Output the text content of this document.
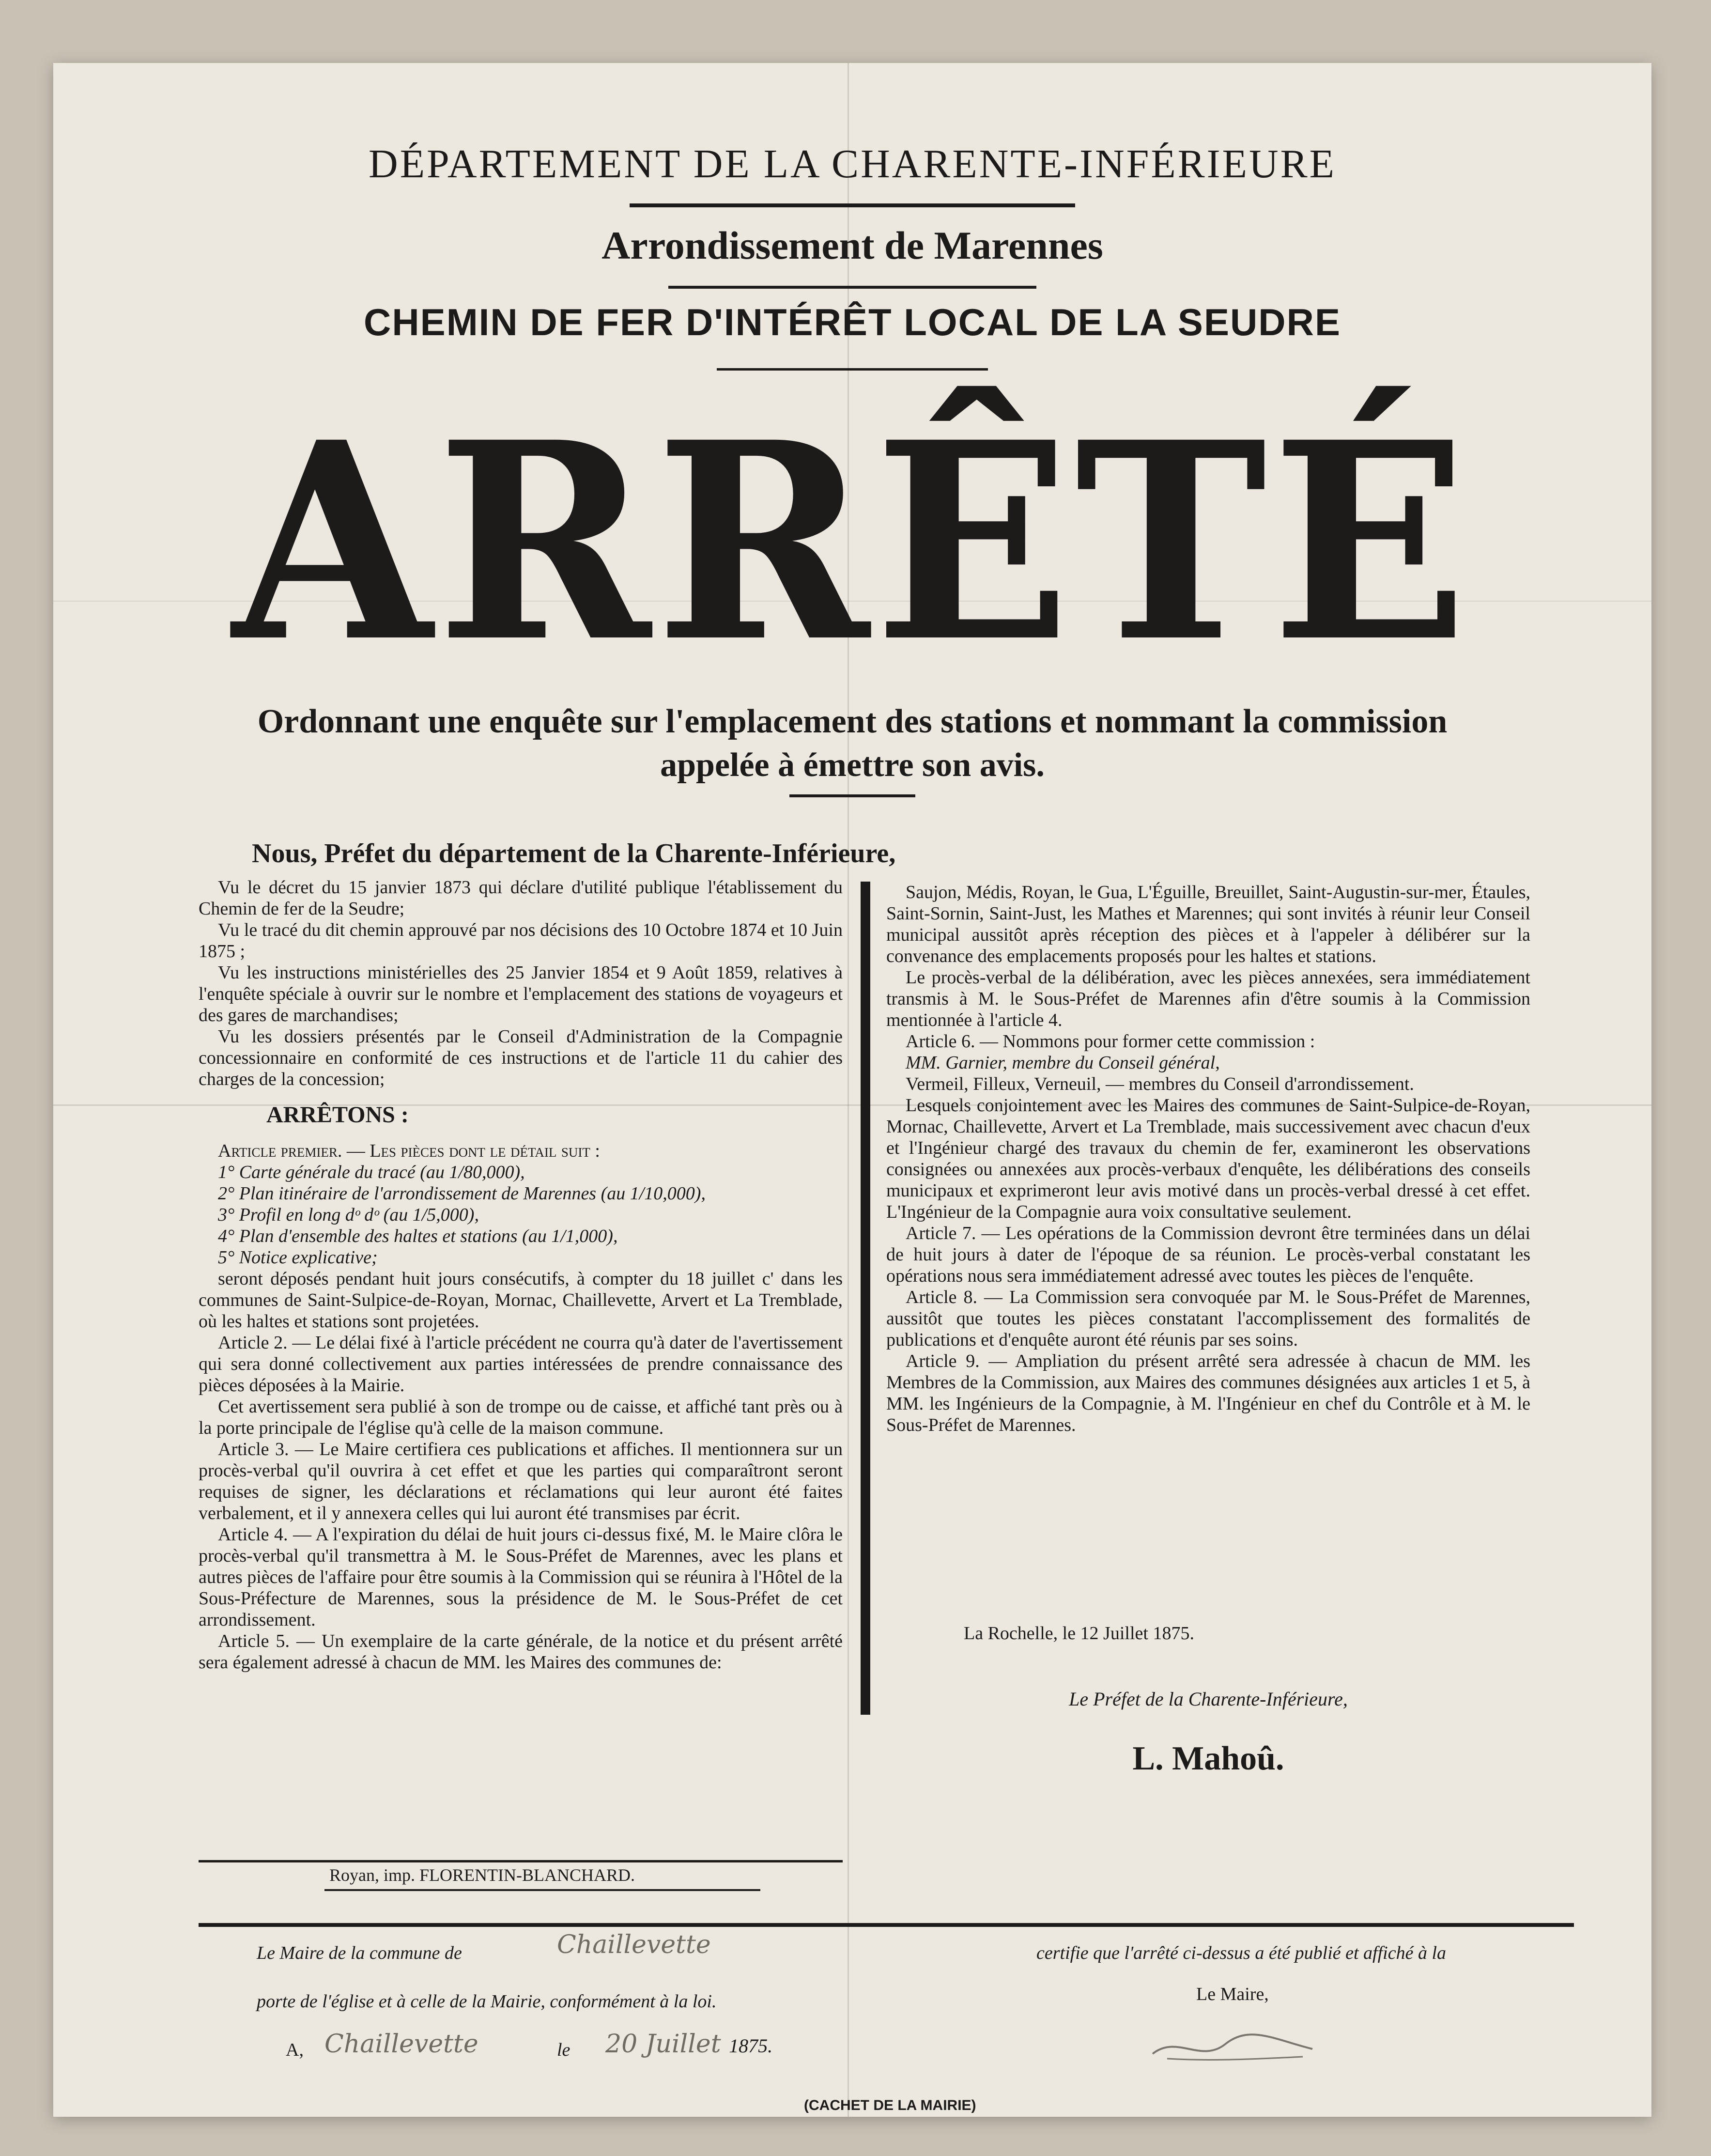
DÉPARTEMENT DE LA CHARENTE-INFÉRIEURE
Arrondissement de Marennes
CHEMIN DE FER D'INTÉRÊT LOCAL DE LA SEUDRE
ARRÊTÉ
Ordonnant une enquête sur l'emplacement des stations et nommant la commission
appelée à émettre son avis.
Nous, Préfet du département de la Charente-Inférieure,

Vu le décret du 15 janvier 1873 qui déclare d'utilité publique l'établissement du Chemin de fer de la Seudre;

Vu le tracé du dit chemin approuvé par nos décisions des 10 Octobre 1874 et 10 Juin 1875 ;

Vu les instructions ministérielles des 25 Janvier 1854 et 9 Août 1859, relatives à l'enquête spéciale à ouvrir sur le nombre et l'emplacement des stations de voyageurs et des gares de marchandises;

Vu les dossiers présentés par le Conseil d'Administration de la Compagnie concessionnaire en conformité de ces instructions et de l'article 11 du cahier des charges de la concession;

ARRÊTONS :

Article premier. — Les pièces dont le détail suit :

1° Carte générale du tracé (au 1/80,000),

2° Plan itinéraire de l'arrondissement de Marennes (au 1/10,000),

3° Profil en long dᵒ dᵒ (au 1/5,000),

4° Plan d'ensemble des haltes et stations (au 1/1,000),

5° Notice explicative;

seront déposés pendant huit jours consécutifs, à compter du 18 juillet c' dans les communes de Saint-Sulpice-de-Royan, Mornac, Chaillevette, Arvert et La Tremblade, où les haltes et stations sont projetées.

Article 2. — Le délai fixé à l'article précédent ne courra qu'à dater de l'avertissement qui sera donné collectivement aux parties intéressées de prendre connaissance des pièces déposées à la Mairie.

Cet avertissement sera publié à son de trompe ou de caisse, et affiché tant près ou à la porte principale de l'église qu'à celle de la maison commune.

Article 3. — Le Maire certifiera ces publications et affiches. Il mentionnera sur un procès-verbal qu'il ouvrira à cet effet et que les parties qui comparaîtront seront requises de signer, les déclarations et réclamations qui leur auront été faites verbalement, et il y annexera celles qui lui auront été transmises par écrit.

Article 4. — A l'expiration du délai de huit jours ci-dessus fixé, M. le Maire clôra le procès-verbal qu'il transmettra à M. le Sous-Préfet de Marennes, avec les plans et autres pièces de l'affaire pour être soumis à la Commission qui se réunira à l'Hôtel de la Sous-Préfecture de Marennes, sous la présidence de M. le Sous-Préfet de cet arrondissement.

Article 5. — Un exemplaire de la carte générale, de la notice et du présent arrêté sera également adressé à chacun de MM. les Maires des communes de:

Saujon, Médis, Royan, le Gua, L'Éguille, Breuillet, Saint-Augustin-sur-mer, Étaules, Saint-Sornin, Saint-Just, les Mathes et Marennes; qui sont invités à réunir leur Conseil municipal aussitôt après réception des pièces et à l'appeler à délibérer sur la convenance des emplacements proposés pour les haltes et stations.

Le procès-verbal de la délibération, avec les pièces annexées, sera immédiatement transmis à M. le Sous-Préfet de Marennes afin d'être soumis à la Commission mentionnée à l'article 4.

Article 6. — Nommons pour former cette commission :

MM. Garnier, membre du Conseil général,

Vermeil, Filleux, Verneuil, — membres du Conseil d'arrondissement.

Lesquels conjointement avec les Maires des communes de Saint-Sulpice-de-Royan, Mornac, Chaillevette, Arvert et La Tremblade, mais successivement avec chacun d'eux et l'Ingénieur chargé des travaux du chemin de fer, examineront les observations consignées ou annexées aux procès-verbaux d'enquête, les délibérations des conseils municipaux et exprimeront leur avis motivé dans un procès-verbal dressé à cet effet. L'Ingénieur de la Compagnie aura voix consultative seulement.

Article 7. — Les opérations de la Commission devront être terminées dans un délai de huit jours à dater de l'époque de sa réunion. Le procès-verbal constatant les opérations nous sera immédiatement adressé avec toutes les pièces de l'enquête.

Article 8. — La Commission sera convoquée par M. le Sous-Préfet de Marennes, aussitôt que toutes les pièces constatant l'accomplissement des formalités de publications et d'enquête auront été réunis par ses soins.

Article 9. — Ampliation du présent arrêté sera adressée à chacun de MM. les Membres de la Commission, aux Maires des communes désignées aux articles 1 et 5, à MM. les Ingénieurs de la Compagnie, à M. l'Ingénieur en chef du Contrôle et à M. le Sous-Préfet de Marennes.

La Rochelle, le 12 Juillet 1875.
Le Préfet de la Charente-Inférieure,
L. Mahoû.
Royan, imp. FLORENTIN-BLANCHARD.
Le Maire de la commune de	Chaillevette	certifie que l'arrêté ci-dessus a été publié et affiché à la
porte de l'église et à celle de la Mairie, conformément à la loi.
A, Chaillevette	le 20 Juillet 1875.
Le Maire,
(CACHET DE LA MAIRIE)
